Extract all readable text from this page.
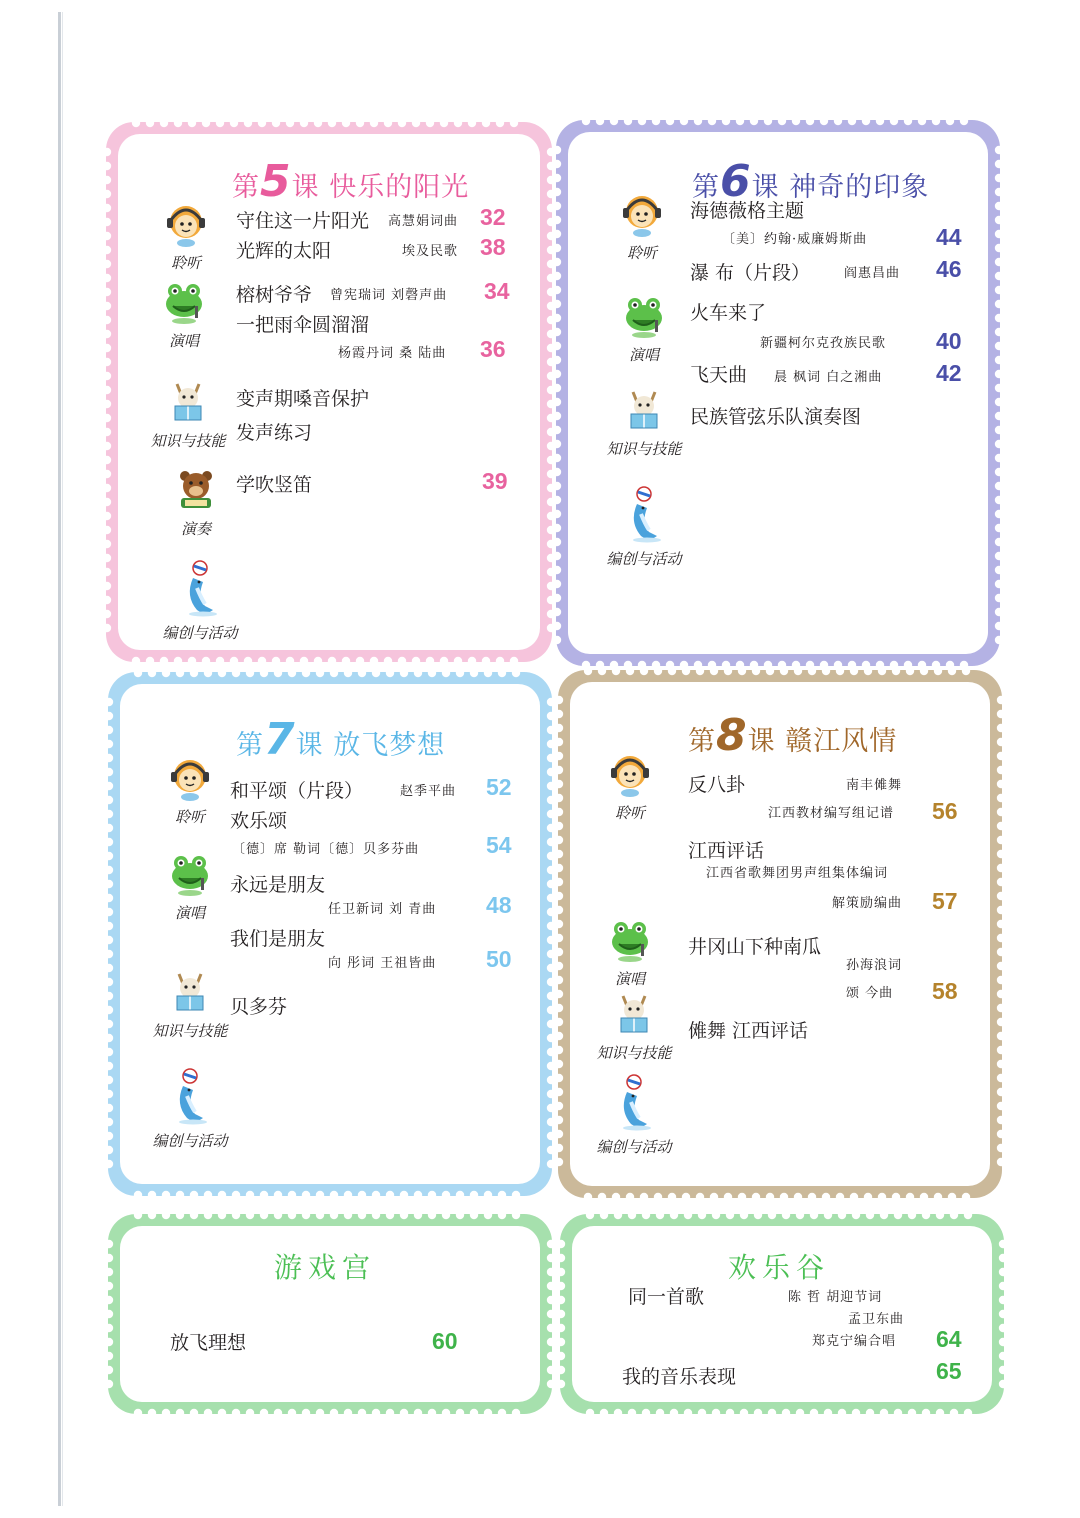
第5课 快乐的阳光
聆听
演唱
知识与技能
演奏
编创与活动
守住这一片阳光 高慧娟词曲 32
光辉的太阳	埃及民歌 38
榕树爷爷 曾宪瑞词 刘磬声曲 34
一把雨伞圆溜溜
杨霞丹词 桑 陆曲 36
变声期嗓音保护
发声练习
学吹竖笛	39
第6课 神奇的印象
聆听
演唱
知识与技能
编创与活动
海德薇格主题
〔美〕约翰·威廉姆斯曲	44
瀑 布（片段）	阎惠昌曲 46
火车来了
新疆柯尔克孜族民歌 40
飞天曲 晨 枫词 白之湘曲 42
民族管弦乐队演奏图
第7课 放飞梦想
聆听
演唱
知识与技能
编创与活动
和平颂（片段）	赵季平曲 52
欢乐颂
〔德〕席 勒词〔德〕贝多芬曲	54
永远是朋友
任卫新词 刘 青曲 48
我们是朋友
向 彤词 王祖皆曲 50
贝多芬
第8课 赣江风情
聆听
演唱
知识与技能
编创与活动
反八卦	南丰傩舞
江西教材编写组记谱 56
江西评话
江西省歌舞团男声组集体编词
解策励编曲 57
井冈山下种南瓜
孙海浪词
颂 今曲 58
傩舞 江西评话
游戏宫
放飞理想	60
欢乐谷
同一首歌	陈 哲 胡迎节词
孟卫东曲
郑克宁编合唱 64
我的音乐表现	65
